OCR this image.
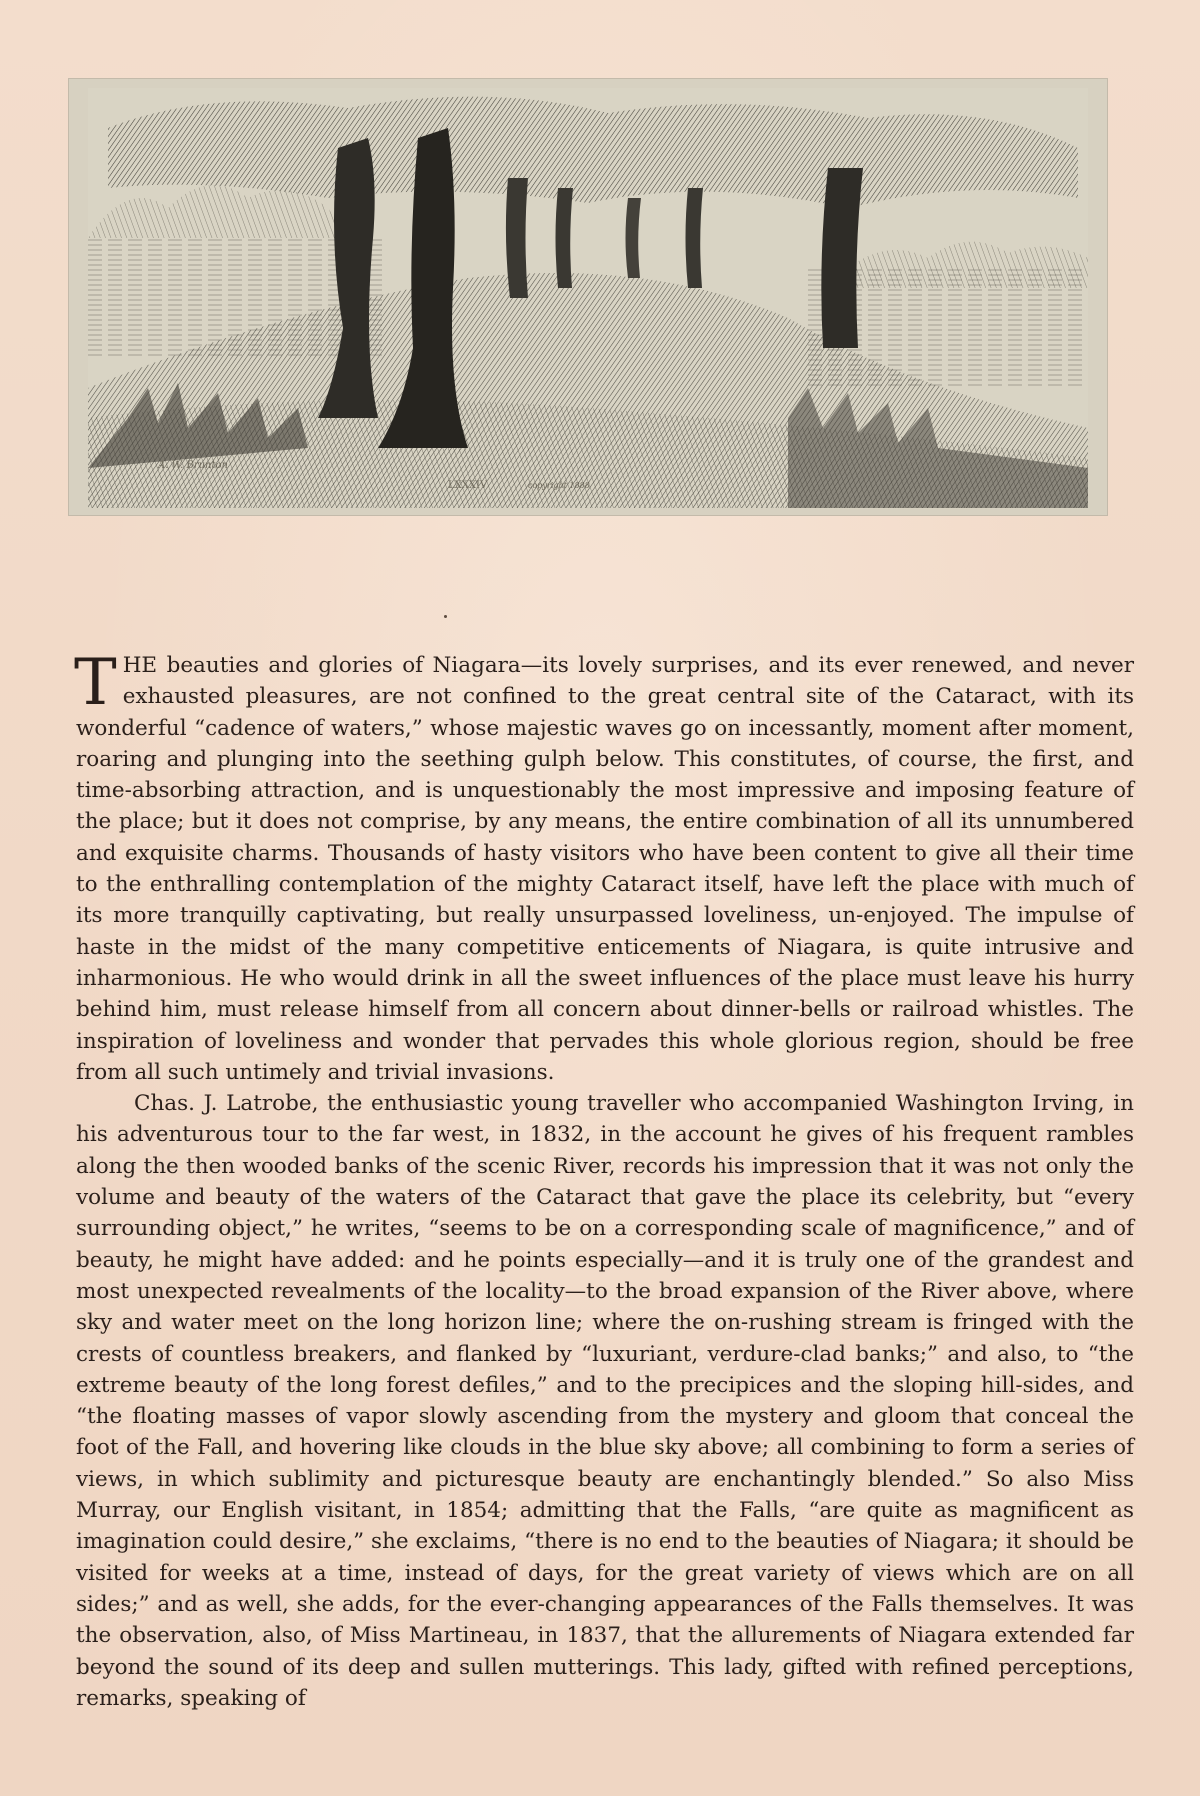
A. W. Brunton
LXXXIV	copyright 1888

THE beauties and glories of Niagara—its lovely surprises, and its ever renewed, and never exhausted pleasures, are not confined to the great central site of the Cataract, with its wonderful “cadence of waters,” whose majestic waves go on incessantly, moment after moment, roaring and plunging into the seething gulph below. This constitutes, of course, the first, and time-absorbing attraction, and is unquestionably the most impressive and imposing feature of the place; but it does not comprise, by any means, the entire combination of all its unnumbered and exquisite charms. Thousands of hasty visitors who have been content to give all their time to the enthralling contemplation of the mighty Cataract itself, have left the place with much of its more tranquilly captivating, but really unsurpassed loveliness, un-enjoyed. The impulse of haste in the midst of the many competitive enticements of Niagara, is quite intrusive and inharmonious. He who would drink in all the sweet influences of the place must leave his hurry behind him, must release himself from all concern about dinner-bells or railroad whistles. The inspiration of loveliness and wonder that pervades this whole glorious region, should be free from all such untimely and trivial invasions.

Chas. J. Latrobe, the enthusiastic young traveller who accompanied Washington Irving, in his adventurous tour to the far west, in 1832, in the account he gives of his frequent rambles along the then wooded banks of the scenic River, records his impression that it was not only the volume and beauty of the waters of the Cataract that gave the place its celebrity, but “every surrounding object,” he writes, “seems to be on a corresponding scale of magnificence,” and of beauty, he might have added: and he points especially—and it is truly one of the grandest and most unexpected revealments of the locality—to the broad expansion of the River above, where sky and water meet on the long horizon line; where the on-rushing stream is fringed with the crests of countless breakers, and flanked by “luxuriant, verdure-clad banks;” and also, to “the extreme beauty of the long forest defiles,” and to the precipices and the sloping hill-sides, and “the floating masses of vapor slowly ascending from the mystery and gloom that conceal the foot of the Fall, and hovering like clouds in the blue sky above; all combining to form a series of views, in which sublimity and picturesque beauty are enchantingly blended.” So also Miss Murray, our English visitant, in 1854; admitting that the Falls, “are quite as magnificent as imagination could desire,” she exclaims, “there is no end to the beauties of Niagara; it should be visited for weeks at a time, instead of days, for the great variety of views which are on all sides;” and as well, she adds, for the ever-changing appearances of the Falls themselves. It was the observation, also, of Miss Martineau, in 1837, that the allurements of Niagara extended far beyond the sound of its deep and sullen mutterings. This lady, gifted with refined perceptions, remarks, speaking of
